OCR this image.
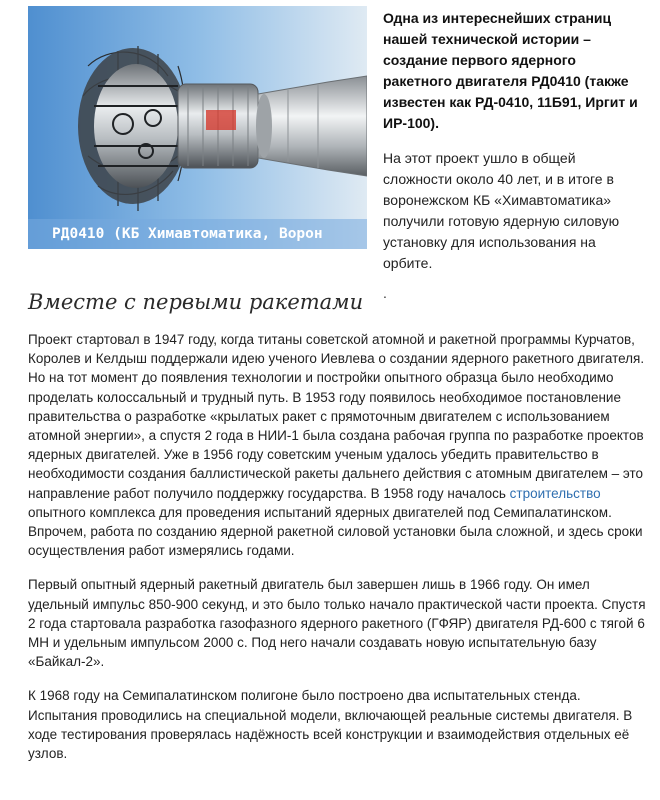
РД0410 (КБ Химавтоматика, Ворон

Одна из интереснейших страниц нашей технической истории – создание первого ядерного ракетного двигателя РД0410 (также известен как РД-0410, 11Б91, Иргит и ИР-100).

На этот проект ушло в общей сложности около 40 лет, и в итоге в воронежском КБ «Химавтоматика» получили готовую ядерную силовую установку для использования на орбите.

.

Вместе с первыми ракетами

Проект стартовал в 1947 году, когда титаны советской атомной и ракетной программы Курчатов, Королев и Келдыш поддержали идею ученого Иевлева о создании ядерного ракетного двигателя. Но на тот момент до появления технологии и постройки опытного образца было необходимо проделать колоссальный и трудный путь. В 1953 году появилось необходимое постановление правительства о разработке «крылатых ракет с прямоточным двигателем с использованием атомной энергии», а спустя 2 года в НИИ-1 была создана рабочая группа по разработке проектов ядерных двигателей. Уже в 1956 году советским ученым удалось убедить правительство в необходимости создания баллистической ракеты дальнего действия с атомным двигателем – это направление работ получило поддержку государства. В 1958 году началось строительство опытного комплекса для проведения испытаний ядерных двигателей под Семипалатинском. Впрочем, работа по созданию ядерной ракетной силовой установки была сложной, и здесь сроки осуществления работ измерялись годами.

Первый опытный ядерный ракетный двигатель был завершен лишь в 1966 году. Он имел удельный импульс 850-900 секунд, и это было только начало практической части проекта. Спустя 2 года стартовала разработка газофазного ядерного ракетного (ГФЯР) двигателя РД-600 с тягой 6 МН и удельным импульсом 2000 с. Под него начали создавать новую испытательную базу «Байкал-2».

К 1968 году на Семипалатинском полигоне было построено два испытательных стенда. Испытания проводились на специальной модели, включающей реальные системы двигателя. В ходе тестирования проверялась надёжность всей конструкции и взаимодействия отдельных её узлов.
